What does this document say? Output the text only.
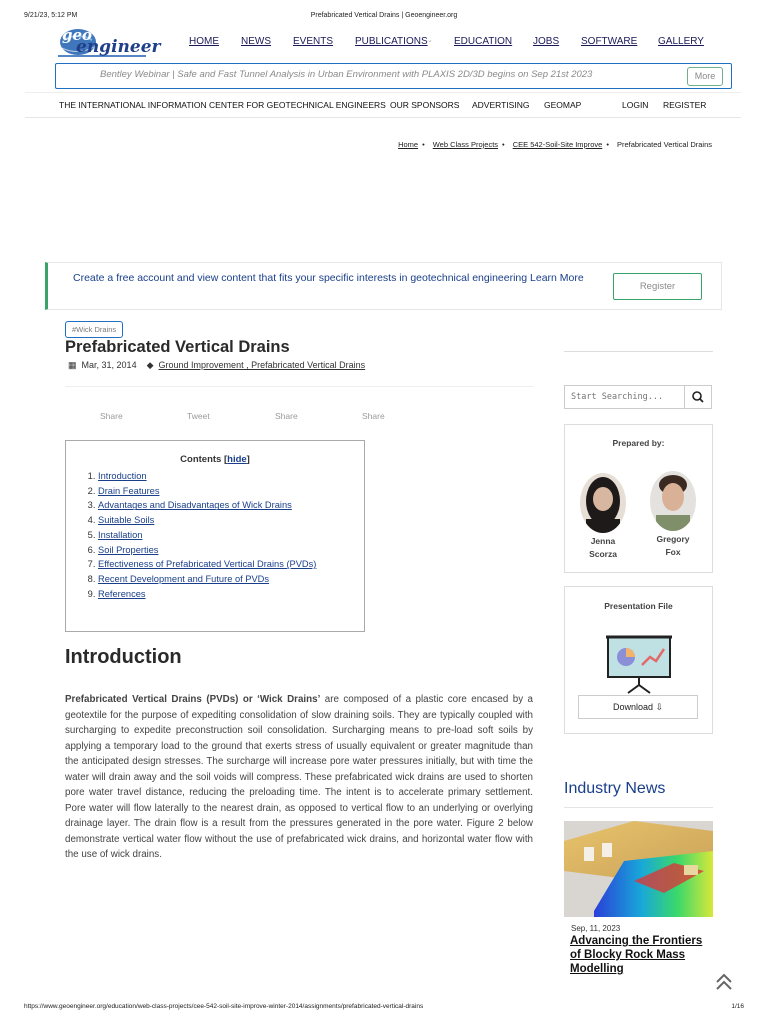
9/21/23, 5:12 PM	Prefabricated Vertical Drains | Geoengineer.org
geo
engineer	HOME NEWS EVENTS PUBLICATIONS ⌄ EDUCATION JOBS SOFTWARE GALLERY
Bentley Webinar | Safe and Fast Tunnel Analysis in Urban Environment with PLAXIS 2D/3D begins on Sep 21st 2023	More
THE INTERNATIONAL INFORMATION CENTER FOR GEOTECHNICAL ENGINEERS OUR SPONSORS ADVERTISING GEOMAP	LOGIN REGISTER
Home • Web Class Projects • CEE 542-Soil-Site Improve • Prefabricated Vertical Drains
Create a free account and view content that fits your specific interests in geotechnical engineering Learn More
Register
#Wick Drains
Prefabricated Vertical Drains
▦ Mar, 31, 2014 ◆ Ground Improvement , Prefabricated Vertical Drains
Share	Tweet	Share	Share
Contents [hide]
1. Introduction
2. Drain Features
3. Advantages and Disadvantages of Wick Drains
4. Suitable Soils
5. Installation
6. Soil Properties
7. Effectiveness of Prefabricated Vertical Drains (PVDs)
8. Recent Development and Future of PVDs
9. References
Introduction
Prefabricated Vertical Drains (PVDs) or ‘Wick Drains’ are composed of a plastic core encased by a geotextile for the purpose of expediting consolidation of slow draining soils. They are typically coupled with surcharging to expedite preconstruction soil consolidation. Surcharging means to pre-load soft soils by applying a temporary load to the ground that exerts stress of usually equivalent or greater magnitude than the anticipated design stresses. The surcharge will increase pore water pressures initially, but with time the water will drain away and the soil voids will compress. These prefabricated wick drains are used to shorten pore water travel distance, reducing the preloading time. The intent is to accelerate primary settlement. Pore water will flow laterally to the nearest drain, as opposed to vertical flow to an underlying or overlying drainage layer. The drain flow is a result from the pressures generated in the pore water. Figure 2 below demonstrate vertical water flow without the use of prefabricated wick drains, and horizontal water flow with the use of wick drains.
Start Searching...
Prepared by:
Jenna
Scorza
Gregory
Fox
Presentation File
Download ⇩
Industry News
Sep, 11, 2023
Advancing the Frontiers of Blocky Rock Mass Modelling
https://www.geoengineer.org/education/web-class-projects/cee-542-soil-site-improve-winter-2014/assignments/prefabricated-vertical-drains	1/16
